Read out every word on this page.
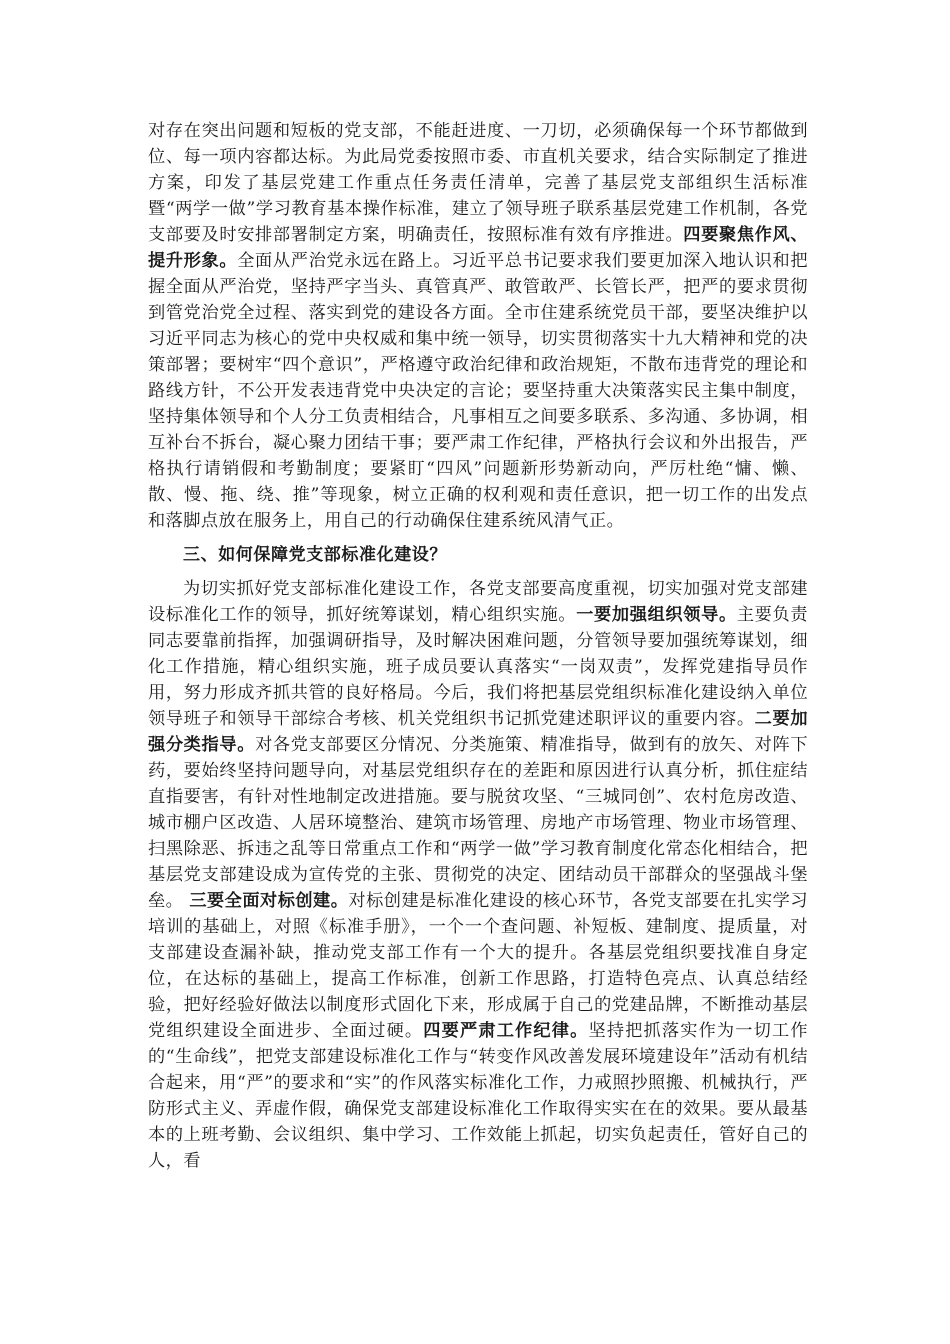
对存在突出问题和短板的党支部，不能赶进度、一刀切，必须确保每一个环节都做到位、每一项内容都达标。为此局党委按照市委、市直机关要求，结合实际制定了推进方案，印发了基层党建工作重点任务责任清单，完善了基层党支部组织生活标准暨“两学一做”学习教育基本操作标准，建立了领导班子联系基层党建工作机制，各党支部要及时安排部署制定方案，明确责任，按照标准有效有序推进。四要聚焦作风、提升形象。全面从严治党永远在路上。习近平总书记要求我们要更加深入地认识和把握全面从严治党，坚持严字当头、真管真严、敢管敢严、长管长严，把严的要求贯彻到管党治党全过程、落实到党的建设各方面。全市住建系统党员干部，要坚决维护以习近平同志为核心的党中央权威和集中统一领导，切实贯彻落实十九大精神和党的决策部署；要树牢“四个意识”，严格遵守政治纪律和政治规矩，不散布违背党的理论和路线方针，不公开发表违背党中央决定的言论；要坚持重大决策落实民主集中制度，坚持集体领导和个人分工负责相结合，凡事相互之间要多联系、多沟通、多协调，相互补台不拆台，凝心聚力团结干事；要严肃工作纪律，严格执行会议和外出报告，严格执行请销假和考勤制度；要紧盯“四风”问题新形势新动向，严厉杜绝“慵、懒、散、慢、拖、绕、推”等现象，树立正确的权利观和责任意识，把一切工作的出发点和落脚点放在服务上，用自己的行动确保住建系统风清气正。

三、如何保障党支部标准化建设？

为切实抓好党支部标准化建设工作，各党支部要高度重视，切实加强对党支部建设标准化工作的领导，抓好统筹谋划，精心组织实施。一要加强组织领导。主要负责同志要靠前指挥，加强调研指导，及时解决困难问题，分管领导要加强统筹谋划，细化工作措施，精心组织实施，班子成员要认真落实“一岗双责”，发挥党建指导员作用，努力形成齐抓共管的良好格局。今后，我们将把基层党组织标准化建设纳入单位领导班子和领导干部综合考核、机关党组织书记抓党建述职评议的重要内容。二要加强分类指导。对各党支部要区分情况、分类施策、精准指导，做到有的放矢、对阵下药，要始终坚持问题导向，对基层党组织存在的差距和原因进行认真分析，抓住症结直指要害，有针对性地制定改进措施。要与脱贫攻坚、“三城同创”、农村危房改造、城市棚户区改造、人居环境整治、建筑市场管理、房地产市场管理、物业市场管理、扫黑除恶、拆违之乱等日常重点工作和“两学一做”学习教育制度化常态化相结合，把基层党支部建设成为宣传党的主张、贯彻党的决定、团结动员干部群众的坚强战斗堡垒。 三要全面对标创建。对标创建是标准化建设的核心环节，各党支部要在扎实学习培训的基础上，对照《标准手册》，一个一个查问题、补短板、建制度、提质量，对支部建设查漏补缺，推动党支部工作有一个大的提升。各基层党组织要找准自身定位，在达标的基础上，提高工作标准，创新工作思路，打造特色亮点、认真总结经验，把好经验好做法以制度形式固化下来，形成属于自己的党建品牌，不断推动基层党组织建设全面进步、全面过硬。四要严肃工作纪律。坚持把抓落实作为一切工作的“生命线”，把党支部建设标准化工作与“转变作风改善发展环境建设年”活动有机结合起来，用“严”的要求和“实”的作风落实标准化工作，力戒照抄照搬、机械执行，严防形式主义、弄虚作假，确保党支部建设标准化工作取得实实在在的效果。要从最基本的上班考勤、会议组织、集中学习、工作效能上抓起，切实负起责任，管好自己的人，看
